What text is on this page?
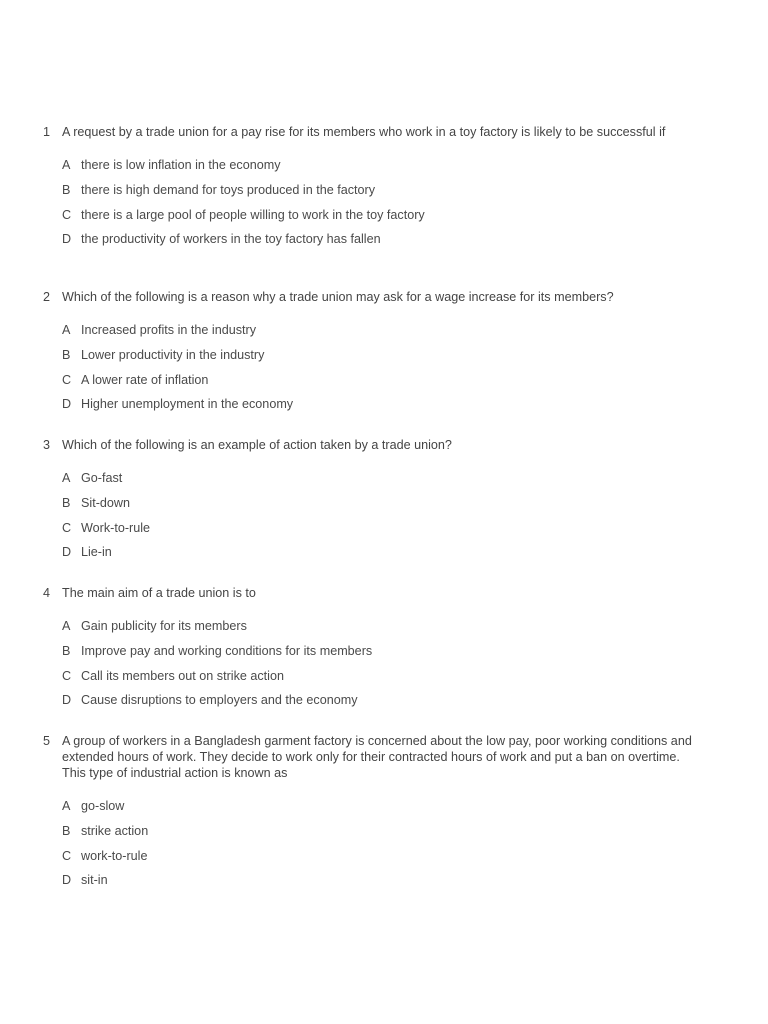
1 A request by a trade union for a pay rise for its members who work in a toy factory is likely to be successful if
A there is low inflation in the economy
B there is high demand for toys produced in the factory
C there is a large pool of people willing to work in the toy factory
D the productivity of workers in the toy factory has fallen
2 Which of the following is a reason why a trade union may ask for a wage increase for its members?
A Increased profits in the industry
B Lower productivity in the industry
C A lower rate of inflation
D Higher unemployment in the economy
3 Which of the following is an example of action taken by a trade union?
A Go-fast
B Sit-down
C Work-to-rule
D Lie-in
4 The main aim of a trade union is to
A Gain publicity for its members
B Improve pay and working conditions for its members
C Call its members out on strike action
D Cause disruptions to employers and the economy
5 A group of workers in a Bangladesh garment factory is concerned about the low pay, poor working conditions and extended hours of work. They decide to work only for their contracted hours of work and put a ban on overtime. This type of industrial action is known as
A go-slow
B strike action
C work-to-rule
D sit-in
